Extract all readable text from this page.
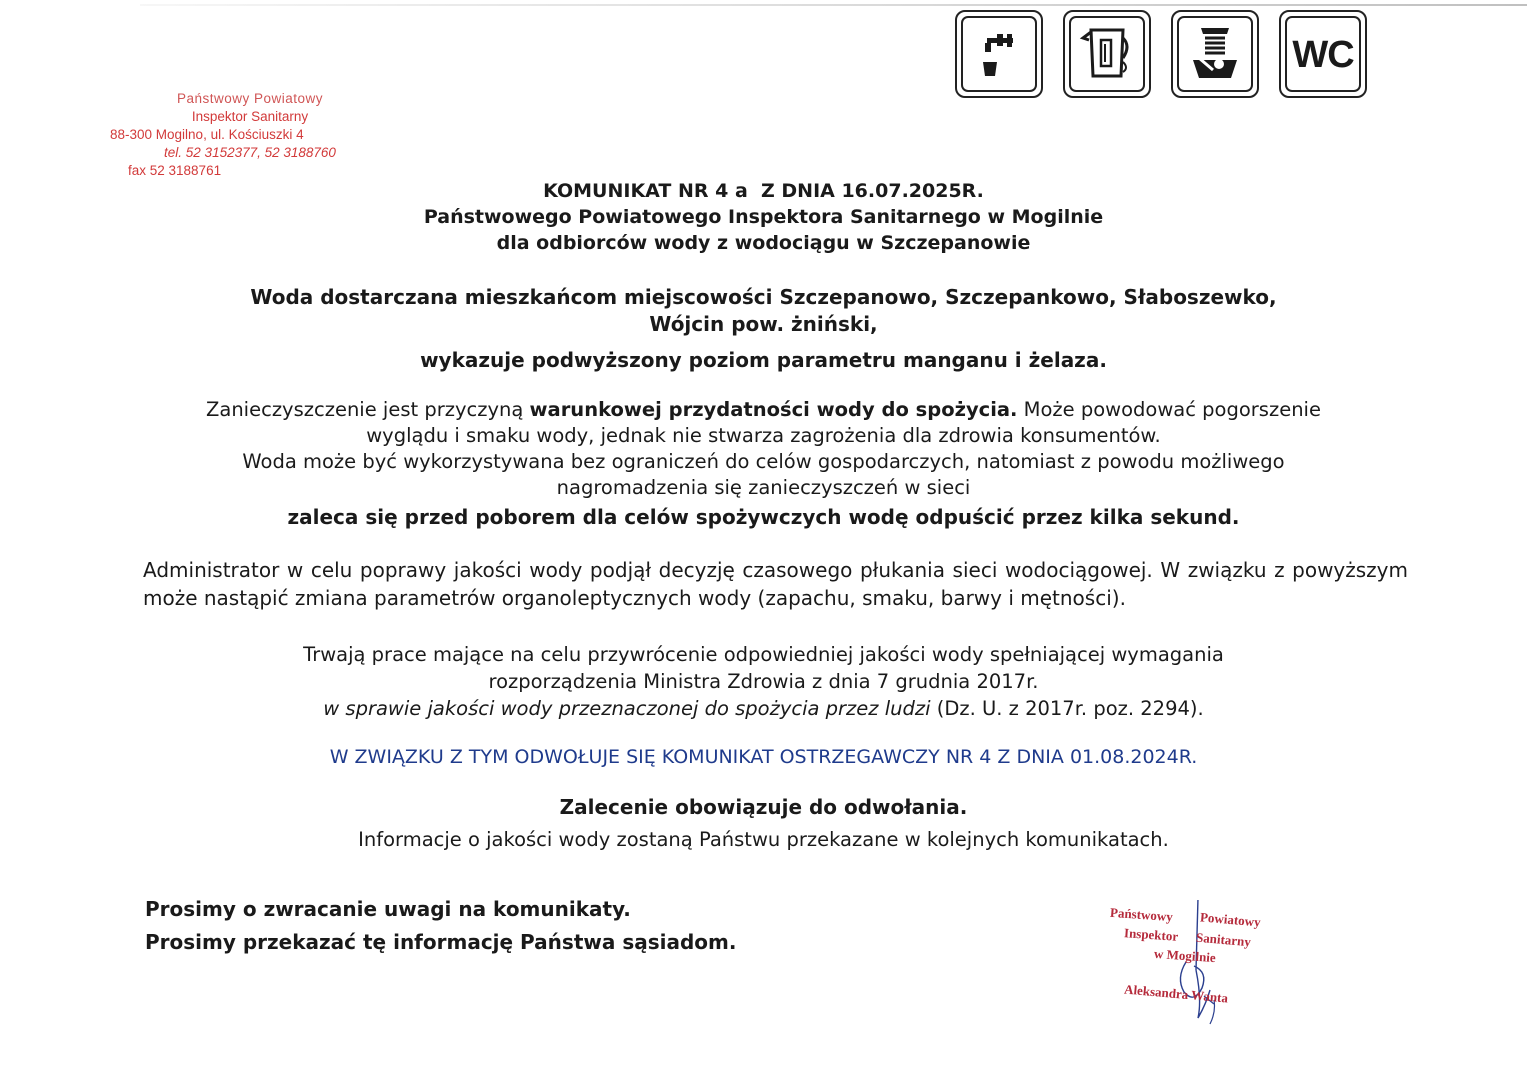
WC
Państwowy Powiatowy
Inspektor Sanitarny
88-300 Mogilno, ul. Kościuszki 4
tel. 52 3152377, 52 3188760
fax 52 3188761
KOMUNIKAT NR 4 a  Z DNIA 16.07.2025R.
Państwowego Powiatowego Inspektora Sanitarnego w Mogilnie
dla odbiorców wody z wodociągu w Szczepanowie
Woda dostarczana mieszkańcom miejscowości Szczepanowo, Szczepankowo, Słaboszewko,
Wójcin pow. żniński,
wykazuje podwyższony poziom parametru manganu i żelaza.
Zanieczyszczenie jest przyczyną warunkowej przydatności wody do spożycia. Może powodować pogorszenie
wyglądu i smaku wody, jednak nie stwarza zagrożenia dla zdrowia konsumentów.
Woda może być wykorzystywana bez ograniczeń do celów gospodarczych, natomiast z powodu możliwego
nagromadzenia się zanieczyszczeń w sieci
zaleca się przed poborem dla celów spożywczych wodę odpuścić przez kilka sekund.
Administrator w celu poprawy jakości wody podjął decyzję czasowego płukania sieci wodociągowej. W związku z powyższym może nastąpić zmiana parametrów organoleptycznych wody (zapachu, smaku, barwy i mętności).
Trwają prace mające na celu przywrócenie odpowiedniej jakości wody spełniającej wymagania
rozporządzenia Ministra Zdrowia z dnia 7 grudnia 2017r.
w sprawie jakości wody przeznaczonej do spożycia przez ludzi (Dz. U. z 2017r. poz. 2294).
W ZWIĄZKU Z TYM ODWOŁUJE SIĘ KOMUNIKAT OSTRZEGAWCZY NR 4 Z DNIA 01.08.2024R.
Zalecenie obowiązuje do odwołania.
Informacje o jakości wody zostaną Państwu przekazane w kolejnych komunikatach.
Prosimy o zwracanie uwagi na komunikaty.
Prosimy przekazać tę informację Państwa sąsiadom.
Państwowy Powiatowy
Inspektor Sanitarny
w Mogilnie
Aleksandra Wanta
